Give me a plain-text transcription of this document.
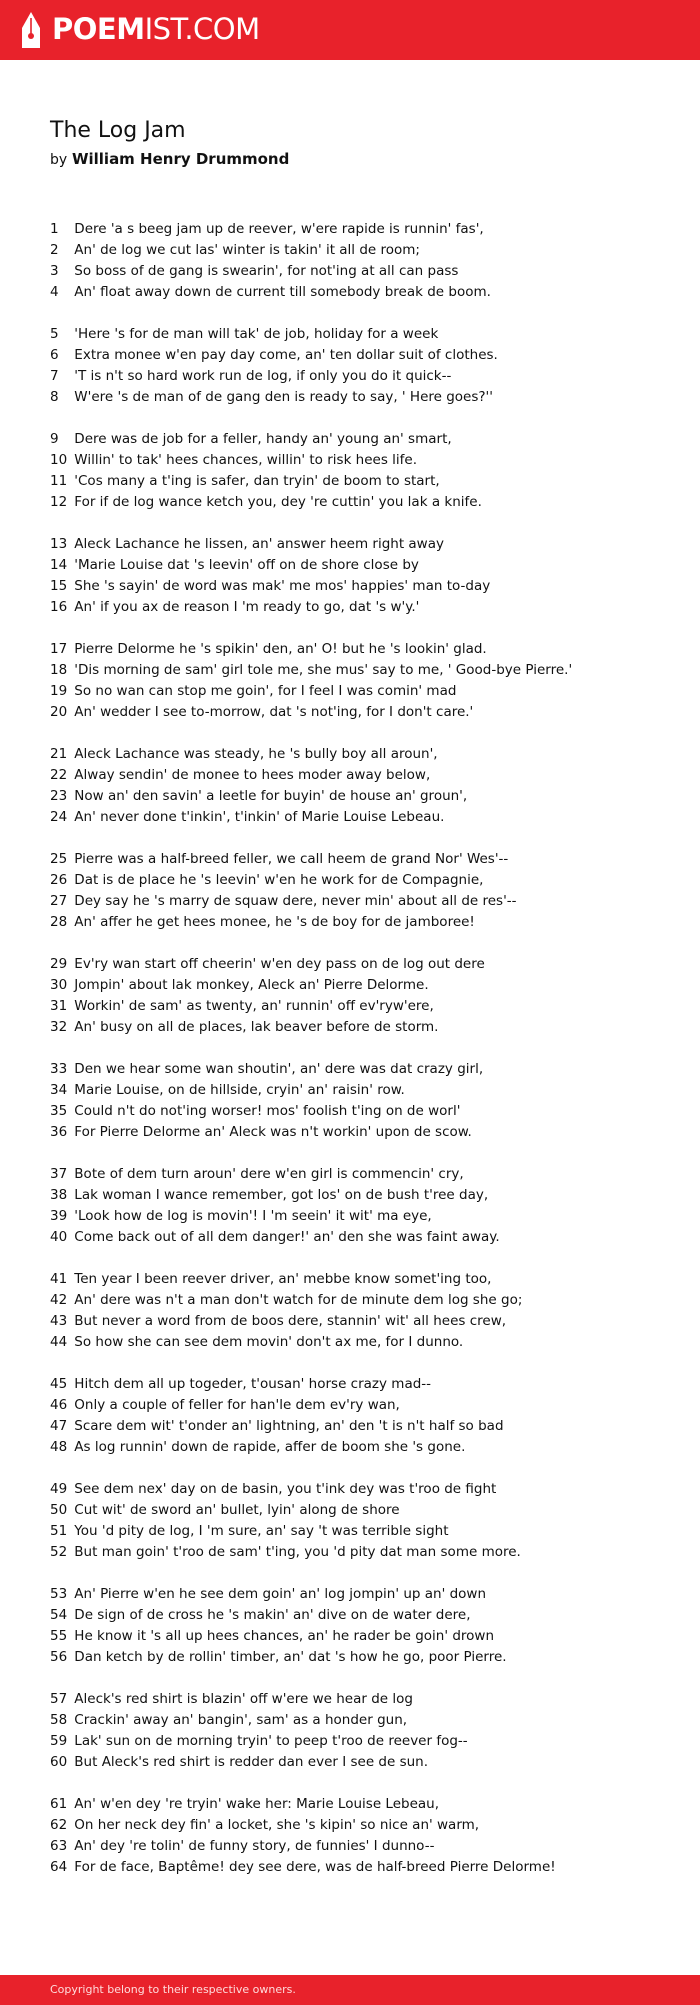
POEMIST.COM
The Log Jam
by William Henry Drummond
1 Dere 'a s beeg jam up de reever, w'ere rapide is runnin' fas',
2 An' de log we cut las' winter is takin' it all de room;
3 So boss of de gang is swearin', for not'ing at all can pass
4 An' float away down de current till somebody break de boom.
5 'Here 's for de man will tak' de job, holiday for a week
6 Extra monee w'en pay day come, an' ten dollar suit of clothes.
7 'T is n't so hard work run de log, if only you do it quick--
8 W'ere 's de man of de gang den is ready to say, ' Here goes?''
9 Dere was de job for a feller, handy an' young an' smart,
10 Willin' to tak' hees chances, willin' to risk hees life.
11 'Cos many a t'ing is safer, dan tryin' de boom to start,
12 For if de log wance ketch you, dey 're cuttin' you lak a knife.
13 Aleck Lachance he lissen, an' answer heem right away
14 'Marie Louise dat 's leevin' off on de shore close by
15 She 's sayin' de word was mak' me mos' happies' man to-day
16 An' if you ax de reason I 'm ready to go, dat 's w'y.'
17 Pierre Delorme he 's spikin' den, an' O! but he 's lookin' glad.
18 'Dis morning de sam' girl tole me, she mus' say to me, ' Good-bye Pierre.'
19 So no wan can stop me goin', for I feel I was comin' mad
20 An' wedder I see to-morrow, dat 's not'ing, for I don't care.'
21 Aleck Lachance was steady, he 's bully boy all aroun',
22 Alway sendin' de monee to hees moder away below,
23 Now an' den savin' a leetle for buyin' de house an' groun',
24 An' never done t'inkin', t'inkin' of Marie Louise Lebeau.
25 Pierre was a half-breed feller, we call heem de grand Nor' Wes'--
26 Dat is de place he 's leevin' w'en he work for de Compagnie,
27 Dey say he 's marry de squaw dere, never min' about all de res'--
28 An' affer he get hees monee, he 's de boy for de jamboree!
29 Ev'ry wan start off cheerin' w'en dey pass on de log out dere
30 Jompin' about lak monkey, Aleck an' Pierre Delorme.
31 Workin' de sam' as twenty, an' runnin' off ev'ryw'ere,
32 An' busy on all de places, lak beaver before de storm.
33 Den we hear some wan shoutin', an' dere was dat crazy girl,
34 Marie Louise, on de hillside, cryin' an' raisin' row.
35 Could n't do not'ing worser! mos' foolish t'ing on de worl'
36 For Pierre Delorme an' Aleck was n't workin' upon de scow.
37 Bote of dem turn aroun' dere w'en girl is commencin' cry,
38 Lak woman I wance remember, got los' on de bush t'ree day,
39 'Look how de log is movin'! I 'm seein' it wit' ma eye,
40 Come back out of all dem danger!' an' den she was faint away.
41 Ten year I been reever driver, an' mebbe know somet'ing too,
42 An' dere was n't a man don't watch for de minute dem log she go;
43 But never a word from de boos dere, stannin' wit' all hees crew,
44 So how she can see dem movin' don't ax me, for I dunno.
45 Hitch dem all up togeder, t'ousan' horse crazy mad--
46 Only a couple of feller for han'le dem ev'ry wan,
47 Scare dem wit' t'onder an' lightning, an' den 't is n't half so bad
48 As log runnin' down de rapide, affer de boom she 's gone.
49 See dem nex' day on de basin, you t'ink dey was t'roo de fight
50 Cut wit' de sword an' bullet, lyin' along de shore
51 You 'd pity de log, I 'm sure, an' say 't was terrible sight
52 But man goin' t'roo de sam' t'ing, you 'd pity dat man some more.
53 An' Pierre w'en he see dem goin' an' log jompin' up an' down
54 De sign of de cross he 's makin' an' dive on de water dere,
55 He know it 's all up hees chances, an' he rader be goin' drown
56 Dan ketch by de rollin' timber, an' dat 's how he go, poor Pierre.
57 Aleck's red shirt is blazin' off w'ere we hear de log
58 Crackin' away an' bangin', sam' as a honder gun,
59 Lak' sun on de morning tryin' to peep t'roo de reever fog--
60 But Aleck's red shirt is redder dan ever I see de sun.
61 An' w'en dey 're tryin' wake her: Marie Louise Lebeau,
62 On her neck dey fin' a locket, she 's kipin' so nice an' warm,
63 An' dey 're tolin' de funny story, de funnies' I dunno--
64 For de face, Baptême! dey see dere, was de half-breed Pierre Delorme!
Copyright belong to their respective owners.
